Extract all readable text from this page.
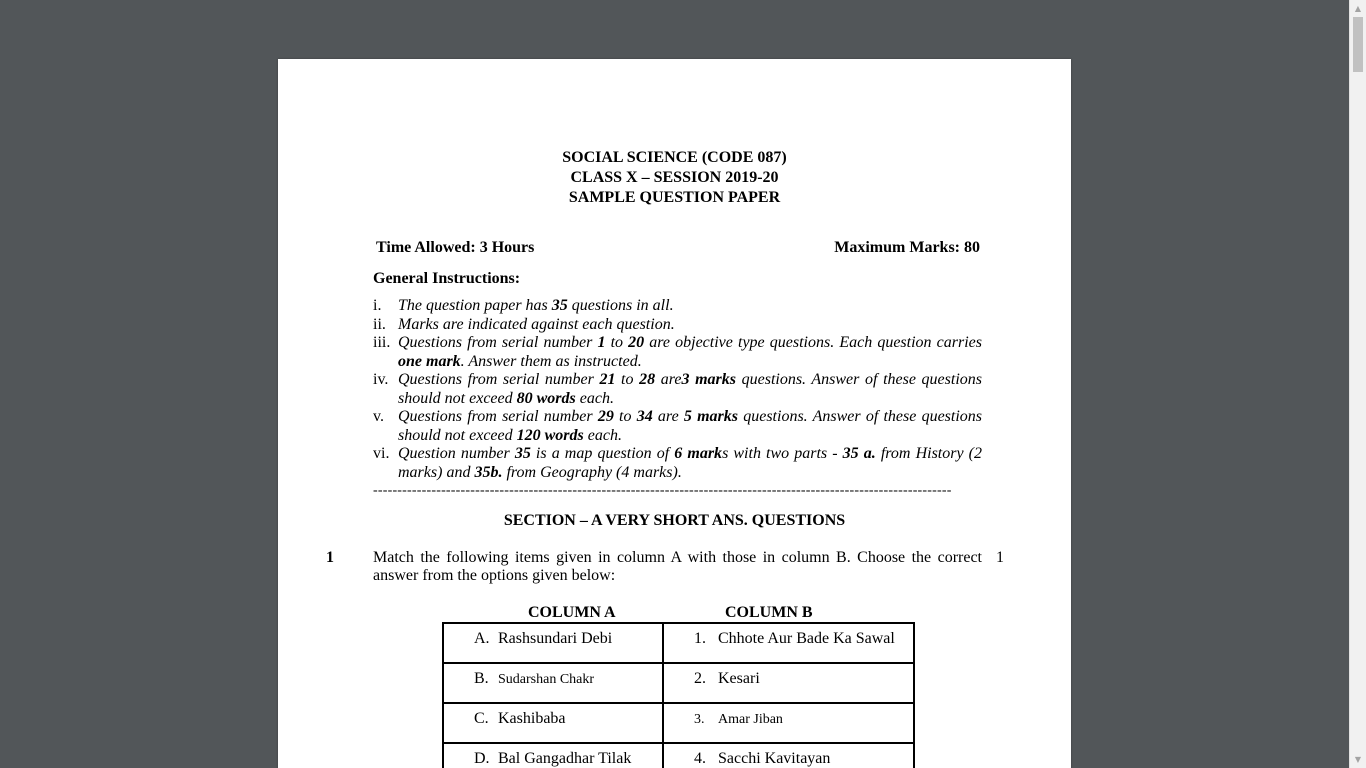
SOCIAL SCIENCE (CODE 087)
CLASS X – SESSION 2019-20
SAMPLE QUESTION PAPER
Time Allowed: 3 Hours	Maximum Marks: 80
General Instructions:
i. The question paper has 35 questions in all.
ii. Marks are indicated against each question.
iii. Questions from serial number 1 to 20 are objective type questions. Each question carries one mark. Answer them as instructed.
iv. Questions from serial number 21 to 28 are3 marks questions. Answer of these questions should not exceed 80 words each.
v. Questions from serial number 29 to 34 are 5 marks questions. Answer of these questions should not exceed 120 words each.
vi. Question number 35 is a map question of 6 marks with two parts - 35 a. from History (2 marks) and 35b. from Geography (4 marks).
-----------------------------------------------------------------------------------------------------------------------
SECTION – A VERY SHORT ANS. QUESTIONS
1 Match the following items given in column A with those in column B. Choose the correct answer from the options given below:
1
COLUMN A	COLUMN B
A. Rashsundari Debi	1. Chhote Aur Bade Ka Sawal
B. Sudarshan Chakr	2. Kesari
C. Kashibaba	3. Amar Jiban
D. Bal Gangadhar Tilak	4. Sacchi Kavitayan
▲
▼
